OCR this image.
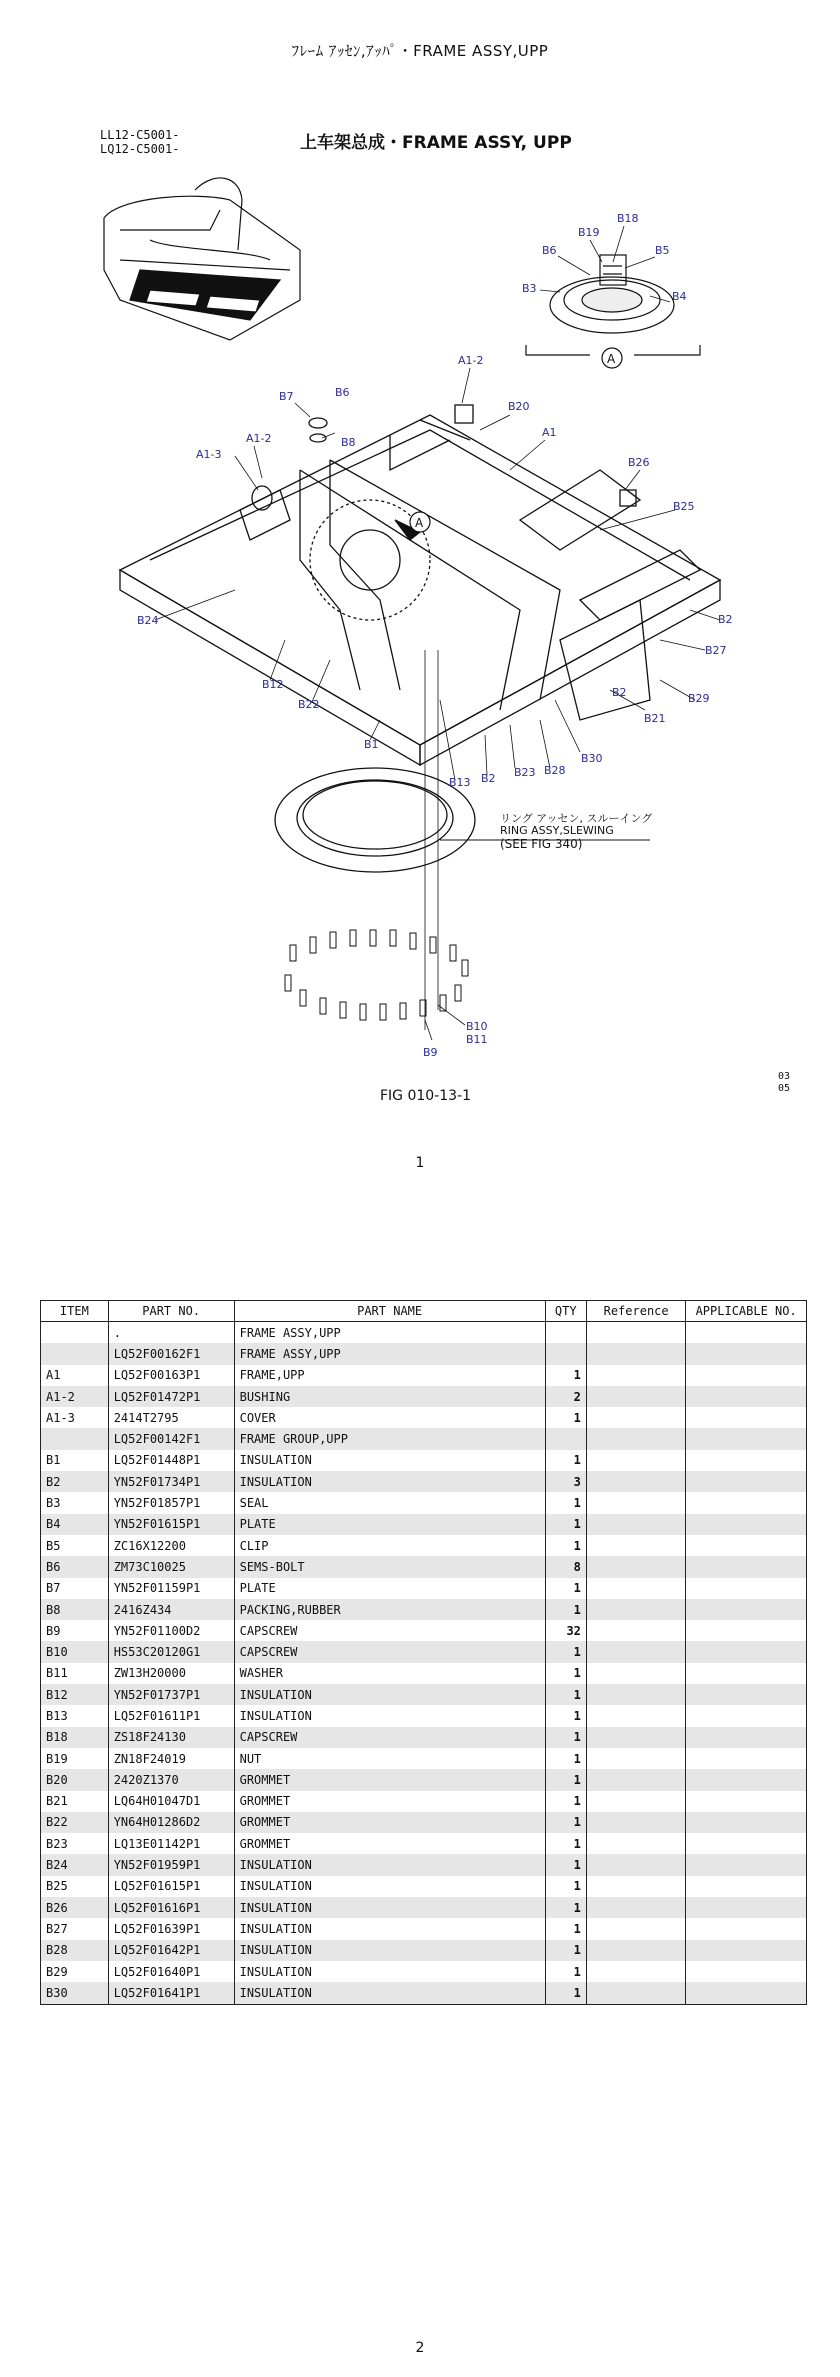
ﾌﾚｰﾑ ｱｯｾﾝ,ｱｯﾊﾟ・FRAME ASSY,UPP
LL12-C5001-
LQ12-C5001-	上车架总成・FRAME ASSY, UPP
A
リング アッセン, スルーイング
RING ASSY,SLEWING
(SEE FIG 340)
B18
B19
B6	B5
B3
B4
A1-2
B7	B6
B20
B8
A1
A1-3
A1-2
B26
B25
B24	B2
B27
B12
B22
B21
B29
B2
B30
B1
B28
B23
B2
B13
B10
B11
B9
A
FIG 010-13-1
03
05
1
ITEM	PART NO.	PART NAME	QTY	Reference	APPLICABLE NO.
	.	FRAME ASSY,UPP			
	LQ52F00162F1	FRAME ASSY,UPP			
A1	LQ52F00163P1	FRAME,UPP	1		
A1-2	LQ52F01472P1	BUSHING	2		
A1-3	2414T2795	COVER	1		
	LQ52F00142F1	FRAME GROUP,UPP			
B1	LQ52F01448P1	INSULATION	1		
B2	YN52F01734P1	INSULATION	3		
B3	YN52F01857P1	SEAL	1		
B4	YN52F01615P1	PLATE	1		
B5	ZC16X12200	CLIP	1		
B6	ZM73C10025	SEMS-BOLT	8		
B7	YN52F01159P1	PLATE	1		
B8	2416Z434	PACKING,RUBBER	1		
B9	YN52F01100D2	CAPSCREW	32		
B10	HS53C20120G1	CAPSCREW	1		
B11	ZW13H20000	WASHER	1		
B12	YN52F01737P1	INSULATION	1		
B13	LQ52F01611P1	INSULATION	1		
B18	ZS18F24130	CAPSCREW	1		
B19	ZN18F24019	NUT	1		
B20	2420Z1370	GROMMET	1		
B21	LQ64H01047D1	GROMMET	1		
B22	YN64H01286D2	GROMMET	1		
B23	LQ13E01142P1	GROMMET	1		
B24	YN52F01959P1	INSULATION	1		
B25	LQ52F01615P1	INSULATION	1		
B26	LQ52F01616P1	INSULATION	1		
B27	LQ52F01639P1	INSULATION	1		
B28	LQ52F01642P1	INSULATION	1		
B29	LQ52F01640P1	INSULATION	1		
B30	LQ52F01641P1	INSULATION	1		
2
